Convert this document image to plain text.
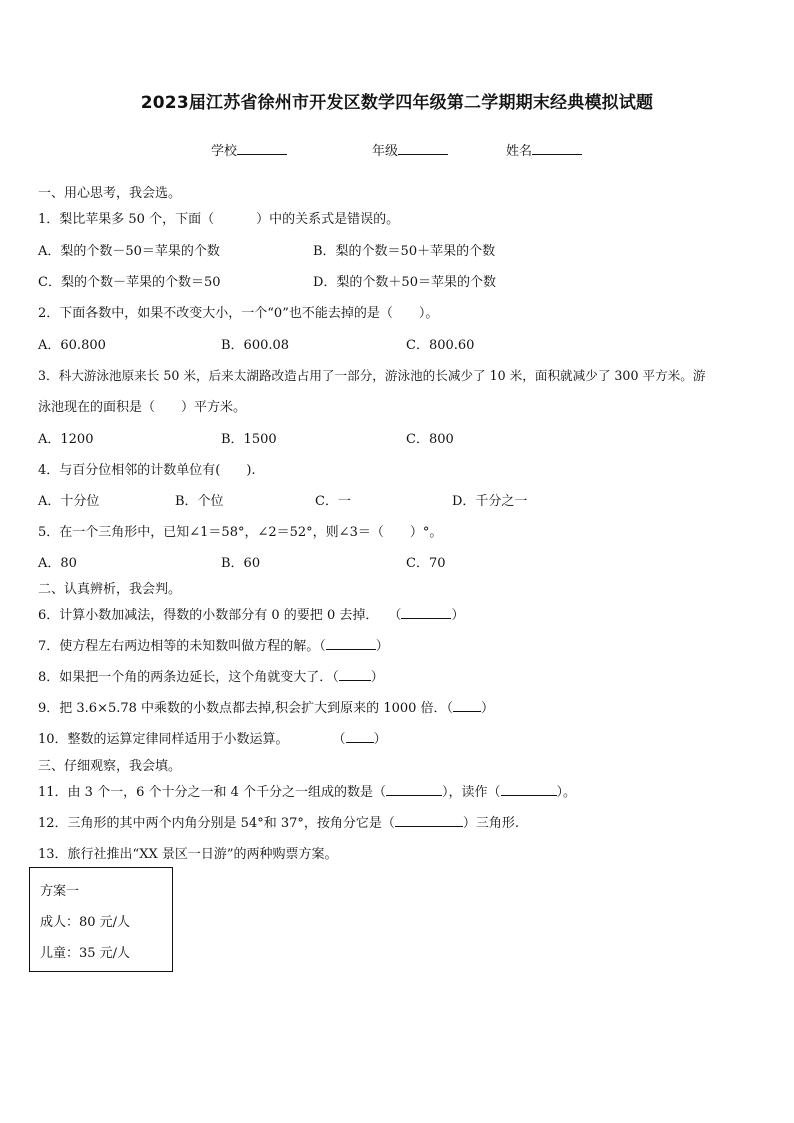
2023届江苏省徐州市开发区数学四年级第二学期期末经典模拟试题
学校	年级	姓名
一、用心思考，我会选。
1．梨比苹果多 50 个，下面（	）中的关系式是错误的。
A．梨的个数－50＝苹果的个数	B．梨的个数＝50＋苹果的个数
C．梨的个数－苹果的个数＝50	D．梨的个数＋50＝苹果的个数
2．下面各数中，如果不改变大小，一个“0”也不能去掉的是（　　）。
A．60.800	B．600.08	C．800.60
3．科大游泳池原来长 50 米，后来太湖路改造占用了一部分，游泳池的长减少了 10 米，面积就减少了 300 平方米。游
泳池现在的面积是（　　）平方米。
A．1200	B．1500	C．800
4．与百分位相邻的计数单位有(　　).
A．十分位	B．个位	C．一	D．千分之一
5．在一个三角形中，已知∠1＝58°，∠2＝52°，则∠3＝（　　）°。
A．80	B．60	C．70
二、认真辨析，我会判。
6．计算小数加减法，得数的小数部分有 0 的要把 0 去掉． （	）
7．使方程左右两边相等的未知数叫做方程的解。（	）
8．如果把一个角的两条边延长，这个角就变大了．（ ）
9．把 3.6×5.78 中乘数的小数点都去掉,积会扩大到原来的 1000 倍．（ ）
10．整数的运算定律同样适用于小数运算。	（ ）
三、仔细观察，我会填。
11．由 3 个一，6 个十分之一和 4 个千分之一组成的数是（	），读作（	）。
12．三角形的其中两个内角分别是 54°和 37°，按角分它是（	）三角形.
13．旅行社推出“XX 景区一日游”的两种购票方案。
方案一
成人：80 元/人
儿童：35 元/人
